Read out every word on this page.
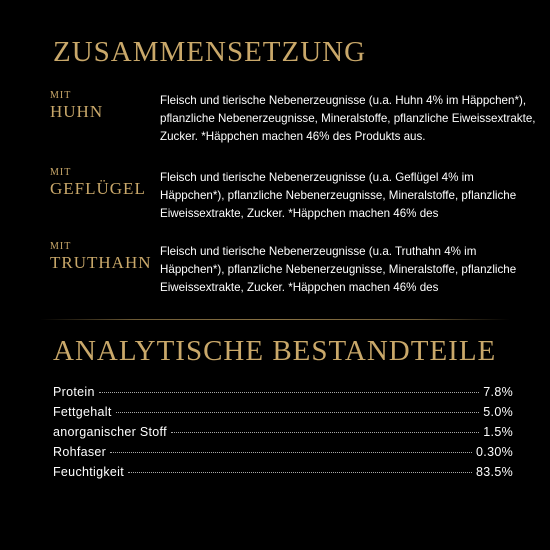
ZUSAMMENSETZUNG
MIT
HUHN
Fleisch und tierische Nebenerzeugnisse (u.a. Huhn 4% im Häppchen*), pflanzliche Nebenerzeugnisse, Mineralstoffe, pflanzliche Eiweissextrakte, Zucker. *Häppchen machen 46% des Produkts aus.
MIT
GEFLÜGEL
Fleisch und tierische Nebenerzeugnisse (u.a. Geflügel 4% im Häppchen*), pflanzliche Nebenerzeugnisse, Mineralstoffe, pflanzliche Eiweissextrakte, Zucker. *Häppchen machen 46% des
MIT
TRUTHAHN
Fleisch und tierische Nebenerzeugnisse (u.a. Truthahn 4% im Häppchen*), pflanzliche Nebenerzeugnisse, Mineralstoffe, pflanzliche Eiweissextrakte, Zucker. *Häppchen machen 46% des
ANALYTISCHE BESTANDTEILE
Protein	7.8%
Fettgehalt	5.0%
anorganischer Stoff	1.5%
Rohfaser	0.30%
Feuchtigkeit	83.5%
